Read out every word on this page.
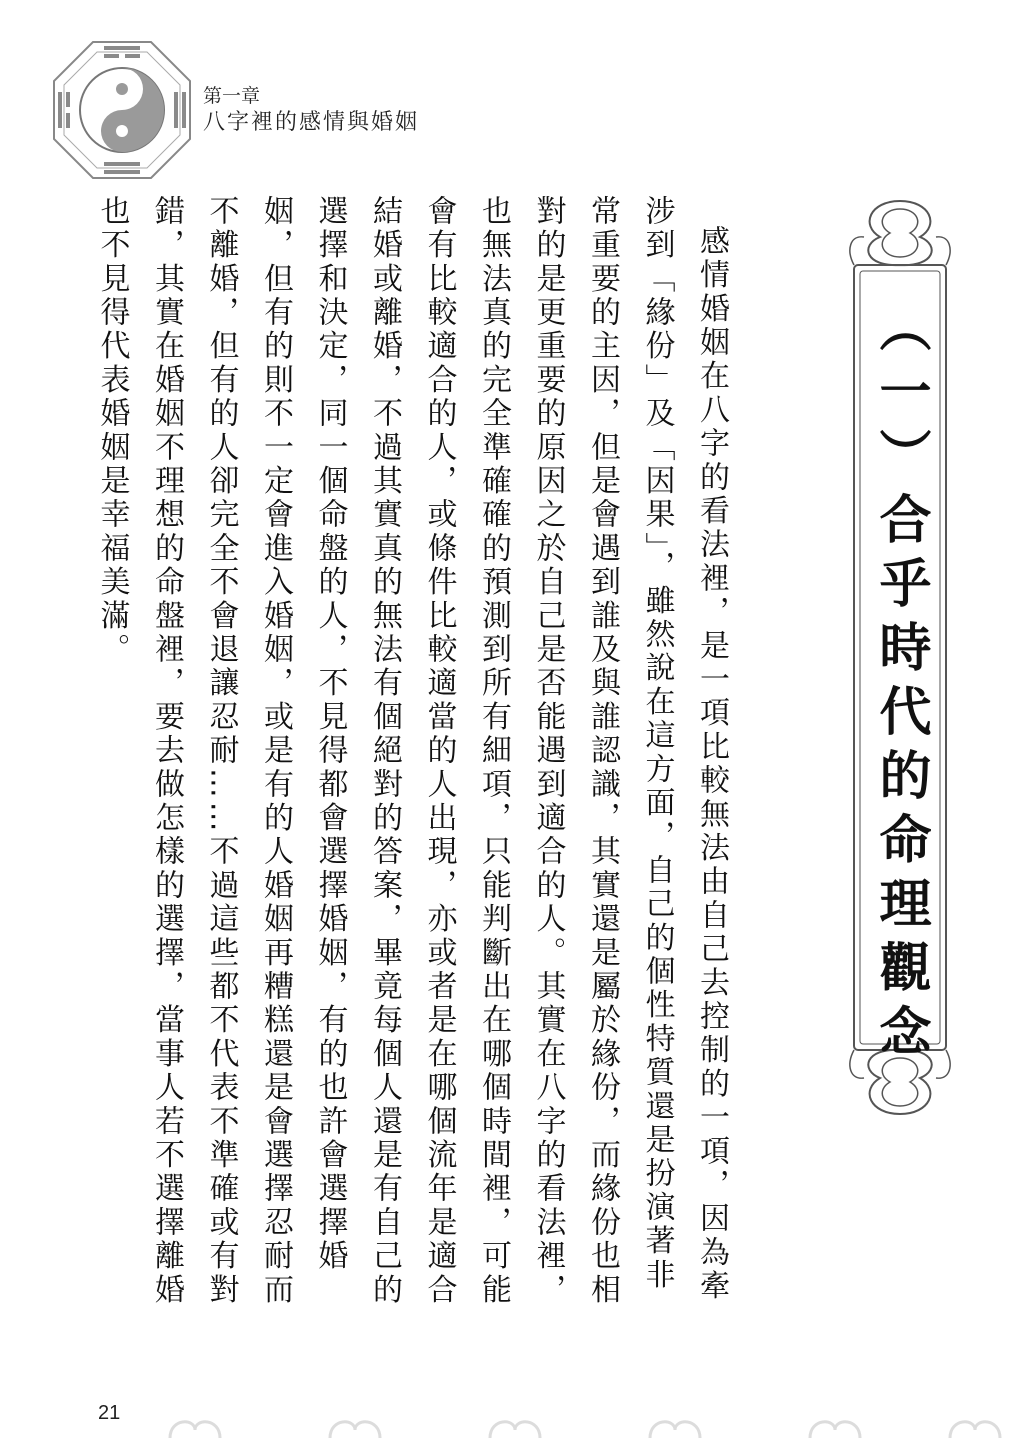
第一章
八字裡的感情與婚姻
（一）合乎時代的命理觀念

感情婚姻在八字的看法裡，是一項比較無法由自己去控制的一項，因為牽涉到「緣份」及「因果」，雖然說在這方面，自己的個性特質還是扮演著非常重要的主因，但是會遇到誰及與誰認識，其實還是屬於緣份，而緣份也相對的是更重要的原因之於自己是否能遇到適合的人。其實在八字的看法裡，也無法真的完全準確確的預測到所有細項，只能判斷出在哪個時間裡，可能會有比較適合的人，或條件比較適當的人出現，亦或者是在哪個流年是適合結婚或離婚，不過其實真的無法有個絕對的答案，畢竟每個人還是有自己的選擇和決定，同一個命盤的人，不見得都會選擇婚姻，有的也許會選擇婚姻，但有的則不一定會進入婚姻，或是有的人婚姻再糟糕還是會選擇忍耐而不離婚，但有的人卻完全不會退讓忍耐……不過這些都不代表不準確或有對錯，其實在婚姻不理想的命盤裡，要去做怎樣的選擇，當事人若不選擇離婚也不見得代表婚姻是幸福美滿。

21
